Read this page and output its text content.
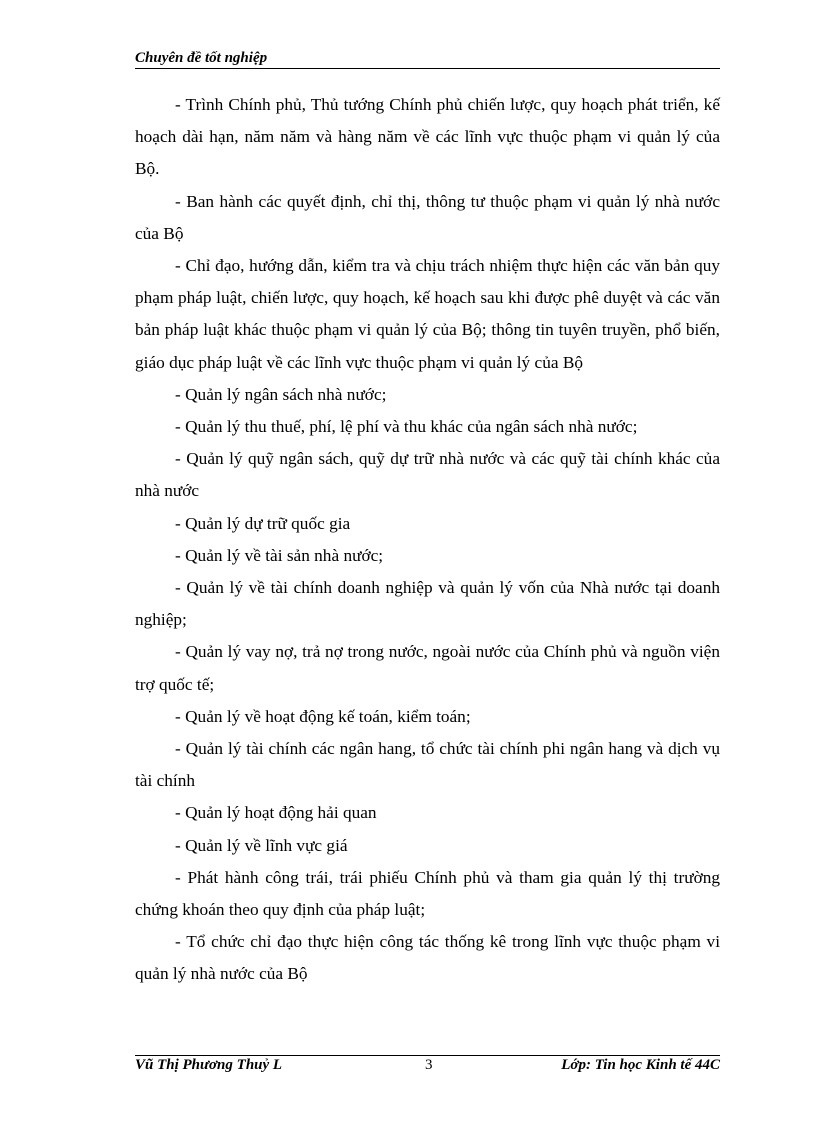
Chuyên đề tốt nghiệp

- Trình Chính phủ, Thủ tướng Chính phủ chiến lược, quy hoạch phát triển, kế hoạch dài hạn, năm năm và hàng năm về các lĩnh vực thuộc phạm vi quản lý của Bộ.

- Ban hành các quyết định, chỉ thị, thông tư thuộc phạm vi quản lý nhà nước của Bộ

- Chỉ đạo, hướng dẫn, kiểm tra và chịu trách nhiệm thực hiện các văn bản quy phạm pháp luật, chiến lược, quy hoạch, kế hoạch sau khi được phê duyệt và các văn bản pháp luật khác thuộc phạm vi quản lý của Bộ; thông tin tuyên truyền, phổ biến, giáo dục pháp luật về các lĩnh vực thuộc phạm vi quản lý của Bộ

- Quản lý ngân sách nhà nước;

- Quản lý thu thuế, phí, lệ phí và thu khác của ngân sách nhà nước;

- Quản lý quỹ ngân sách, quỹ dự trữ nhà nước và các quỹ tài chính khác của nhà nước

- Quản lý dự trữ quốc gia

- Quản lý về tài sản nhà nước;

- Quản lý về tài chính doanh nghiệp và quản lý vốn của Nhà nước tại doanh nghiệp;

- Quản lý vay nợ, trả nợ trong nước, ngoài nước của Chính phủ và nguồn viện trợ quốc tế;

- Quản lý về hoạt động kế toán, kiểm toán;

- Quản lý tài chính các ngân hang, tổ chức tài chính phi ngân hang và dịch vụ tài chính

- Quản lý hoạt động hải quan

- Quản lý về lĩnh vực giá

- Phát hành công trái, trái phiếu Chính phủ và tham gia quản lý thị trường chứng khoán theo quy định của pháp luật;

- Tổ chức chỉ đạo thực hiện công tác thống kê trong lĩnh vực thuộc phạm vi quản lý nhà nước của Bộ

Vũ Thị Phương Thuỷ L	3	Lớp: Tin học Kinh tế 44C
